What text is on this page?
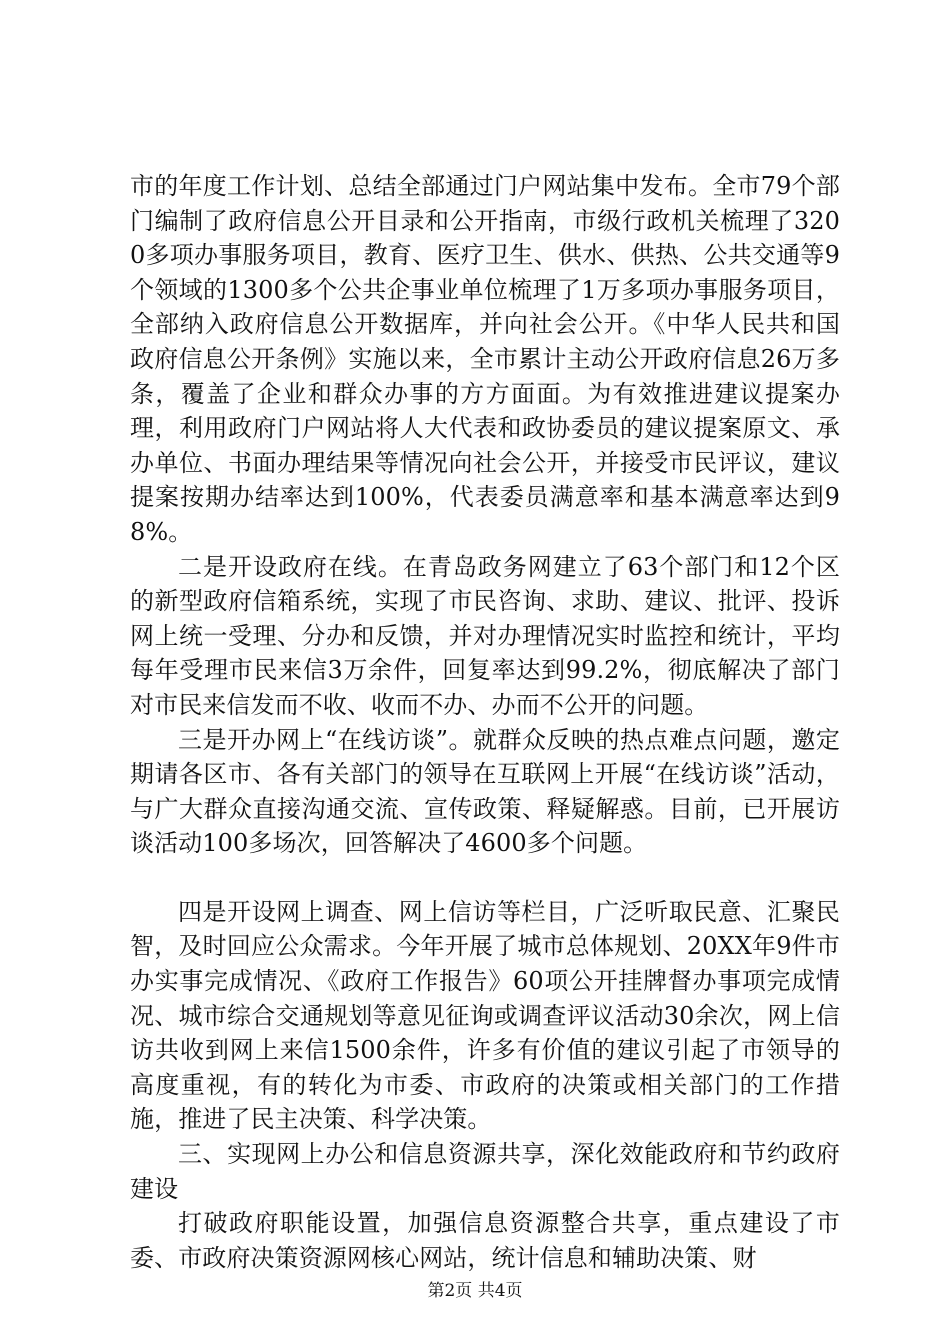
市的年度工作计划、总结全部通过门户网站集中发布。全市79个部门编制了政府信息公开目录和公开指南，市级行政机关梳理了3200多项办事服务项目，教育、医疗卫生、供水、供热、公共交通等9个领域的1300多个公共企事业单位梳理了1万多项办事服务项目，全部纳入政府信息公开数据库，并向社会公开。《中华人民共和国政府信息公开条例》实施以来，全市累计主动公开政府信息26万多条，覆盖了企业和群众办事的方方面面。为有效推进建议提案办理，利用政府门户网站将人大代表和政协委员的建议提案原文、承办单位、书面办理结果等情况向社会公开，并接受市民评议，建议提案按期办结率达到100%，代表委员满意率和基本满意率达到98%。

二是开设政府在线。在青岛政务网建立了63个部门和12个区的新型政府信箱系统，实现了市民咨询、求助、建议、批评、投诉网上统一受理、分办和反馈，并对办理情况实时监控和统计，平均每年受理市民来信3万余件，回复率达到99.2%，彻底解决了部门对市民来信发而不收、收而不办、办而不公开的问题。

三是开办网上“在线访谈”。就群众反映的热点难点问题，邀定期请各区市、各有关部门的领导在互联网上开展“在线访谈”活动，与广大群众直接沟通交流、宣传政策、释疑解惑。目前，已开展访谈活动100多场次，回答解决了4600多个问题。

四是开设网上调查、网上信访等栏目，广泛听取民意、汇聚民智，及时回应公众需求。今年开展了城市总体规划、20XX年9件市办实事完成情况、《政府工作报告》60项公开挂牌督办事项完成情况、城市综合交通规划等意见征询或调查评议活动30余次，网上信访共收到网上来信1500余件，许多有价值的建议引起了市领导的高度重视，有的转化为市委、市政府的决策或相关部门的工作措施，推进了民主决策、科学决策。

三、实现网上办公和信息资源共享，深化效能政府和节约政府建设

打破政府职能设置，加强信息资源整合共享，重点建设了市委、市政府决策资源网核心网站，统计信息和辅助决策、财

第2页 共4页
